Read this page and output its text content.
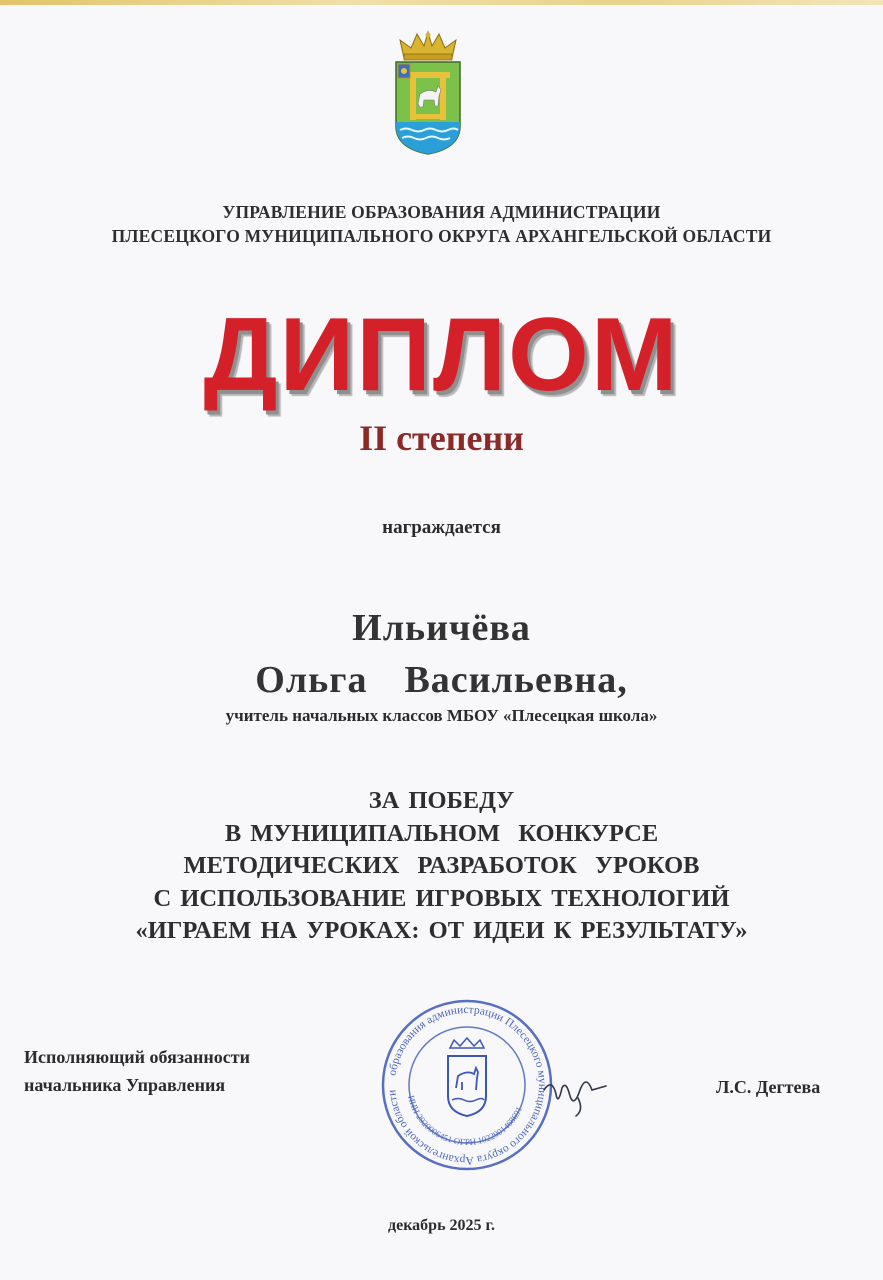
УПРАВЛЕНИЕ ОБРАЗОВАНИЯ АДМИНИСТРАЦИИ
ПЛЕСЕЦКОГО МУНИЦИПАЛЬНОГО ОКРУГА АРХАНГЕЛЬСКОЙ ОБЛАСТИ
ДИПЛОМ
II степени
награждается
Ильичёва
Ольга  Васильевна,
учитель начальных классов МБОУ «Плесецкая школа»
ЗА ПОБЕДУ
В МУНИЦИПАЛЬНОМ  КОНКУРСЕ
МЕТОДИЧЕСКИХ  РАЗРАБОТОК  УРОКОВ
С ИСПОЛЬЗОВАНИЕ ИГРОВЫХ ТЕХНОЛОГИЙ
«ИГРАЕМ НА УРОКАХ: ОТ ИДЕИ К РЕЗУЛЬТАТУ»
Исполняющий обязанности
начальника Управления
образования администрации Плесецкого муниципального округа Архангельской области
ИНН 2920006451 ОГРН 1022901468691
Л.С. Дегтева
декабрь 2025 г.
